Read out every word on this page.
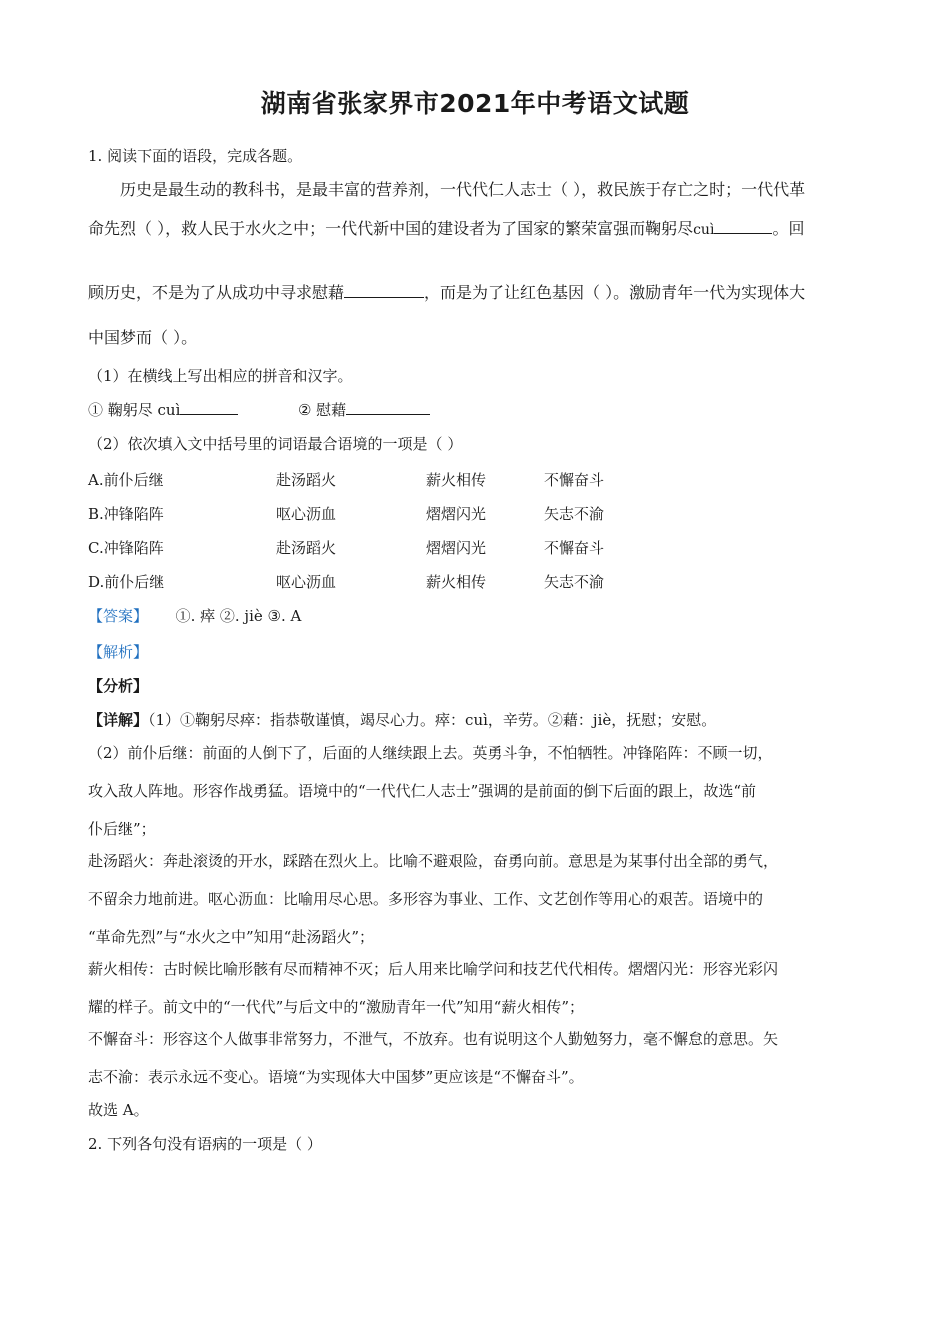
湖南省张家界市2021年中考语文试题
1. 阅读下面的语段，完成各题。
历史是最生动的教科书，是最丰富的营养剂，一代代仁人志士（ ），救民族于存亡之时；一代代革
命先烈（ ），救人民于水火之中；一代代新中国的建设者为了国家的繁荣富强而鞠躬尽cuì	。回
顾历史，不是为了从成功中寻求慰藉	，而是为了让红色基因（ ）。激励青年一代为实现体大
中国梦而（ ）。
（1）在横线上写出相应的拼音和汉字。
① 鞠躬尽 cuì	② 慰藉
（2）依次填入文中括号里的词语最合语境的一项是（ ）
A.前仆后继	赴汤蹈火	薪火相传	不懈奋斗
B.冲锋陷阵	呕心沥血	熠熠闪光	矢志不渝
C.冲锋陷阵	赴汤蹈火	熠熠闪光	不懈奋斗
D.前仆后继	呕心沥血	薪火相传	矢志不渝
【答案】 ①. 瘁 ②. jiè ③. A
【解析】
【分析】
【详解】（1）①鞠躬尽瘁：指恭敬谨慎，竭尽心力。瘁：cuì，辛劳。②藉：jiè，抚慰；安慰。
（2）前仆后继：前面的人倒下了，后面的人继续跟上去。英勇斗争，不怕牺牲。冲锋陷阵：不顾一切，
攻入敌人阵地。形容作战勇猛。语境中的“一代代仁人志士”强调的是前面的倒下后面的跟上，故选“前
仆后继”；
赴汤蹈火：奔赴滚烫的开水，踩踏在烈火上。比喻不避艰险，奋勇向前。意思是为某事付出全部的勇气，
不留余力地前进。呕心沥血：比喻用尽心思。多形容为事业、工作、文艺创作等用心的艰苦。语境中的
“革命先烈”与“水火之中”知用“赴汤蹈火”；
薪火相传：古时候比喻形骸有尽而精神不灭；后人用来比喻学问和技艺代代相传。熠熠闪光：形容光彩闪
耀的样子。前文中的“一代代”与后文中的“激励青年一代”知用“薪火相传”；
不懈奋斗：形容这个人做事非常努力，不泄气，不放弃。也有说明这个人勤勉努力，毫不懈怠的意思。矢
志不渝：表示永远不变心。语境“为实现体大中国梦”更应该是“不懈奋斗”。
故选 A。
2. 下列各句没有语病的一项是（ ）
